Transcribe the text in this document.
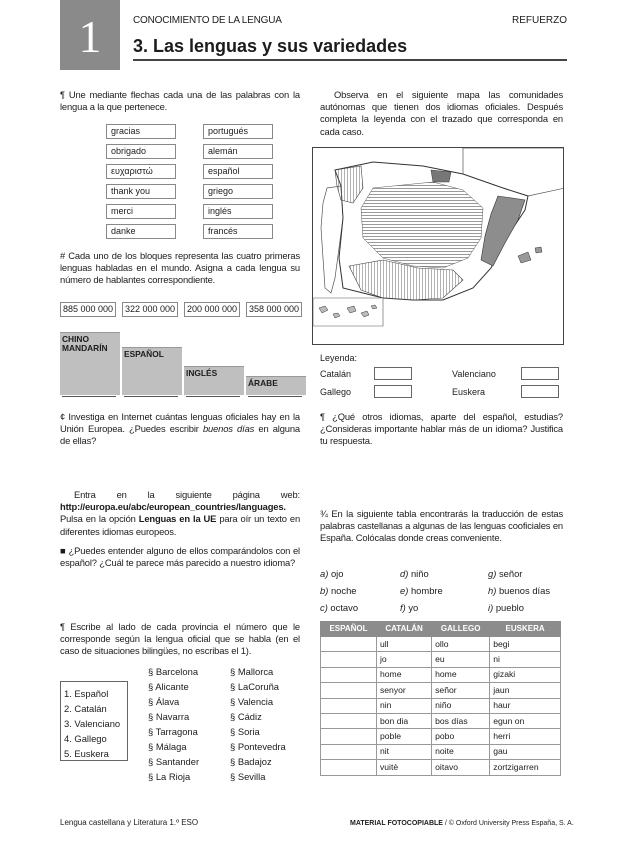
1	CONOCIMIENTO DE LA LENGUA	REFUERZO
3. Las lenguas y sus variedades

¶ Une mediante flechas cada una de las palabras con la lengua a la que pertenece.

gracias
obrigado
ευχαριστώ
thank you
merci
danke
portugués
alemán
español
griego
inglés
francés

# Cada uno de los bloques representa las cuatro primeras lenguas habladas en el mundo. Asigna a cada lengua su número de hablantes correspondiente.

885 000 000	322 000 000	200 000 000	358 000 000
CHINO
MANDARÍN
ESPAÑOL
INGLÉS
ÁRABE

¢ Investiga en Internet cuántas lenguas oficiales hay en la Unión Europea. ¿Puedes escribir buenos días en alguna de ellas?

Entra en la siguiente página web: http://europa.eu/abc/european_countries/languages. Pulsa en la opción Lenguas en la UE para oír un texto en diferentes idiomas europeos.

■ ¿Puedes entender alguno de ellos comparándolos con el español? ¿Cuál te parece más parecido a nuestro idioma?

¶ Escribe al lado de cada provincia el número que le corresponde según la lengua oficial que se habla (en el caso de situaciones bilingües, no escribas el 1).

1. Español
2. Catalán
3. Valenciano
4. Gallego
5. Euskera
§ Barcelona
§ Alicante
§ Álava
§ Navarra
§ Tarragona
§ Málaga
§ Santander
§ La Rioja
§ Mallorca
§ LaCoruña
§ Valencia
§ Cádiz
§ Soria
§ Pontevedra
§ Badajoz
§ Sevilla

Observa en el siguiente mapa las comunidades autónomas que tienen dos idiomas oficiales. Después completa la leyenda con el trazado que corresponda en cada caso.

Leyenda:
Catalán	Valenciano
Gallego	Euskera

¶ ¿Qué otros idiomas, aparte del español, estudias? ¿Consideras importante hablar más de un idioma? Justifica tu respuesta.

¾ En la siguiente tabla encontrarás la traducción de estas palabras castellanas a algunas de las lenguas cooficiales en España. Colócalas donde creas conveniente.

a) ojo	d) niño	g) señor
b) noche	e) hombre	h) buenos días
c) octavo	f) yo	i) pueblo
ESPAÑOL	CATALÁN	GALLEGO	EUSKERA
	ull	ollo	begi
	jo	eu	ni
	home	home	gizaki
	senyor	señor	jaun
	nin	niño	haur
	bon dia	bos días	egun on
	poble	pobo	herri
	nit	noite	gau
	vuitè	oitavo	zortzigarren
Lengua castellana y Literatura 1.º ESO	MATERIAL FOTOCOPIABLE / © Oxford University Press España, S. A.
